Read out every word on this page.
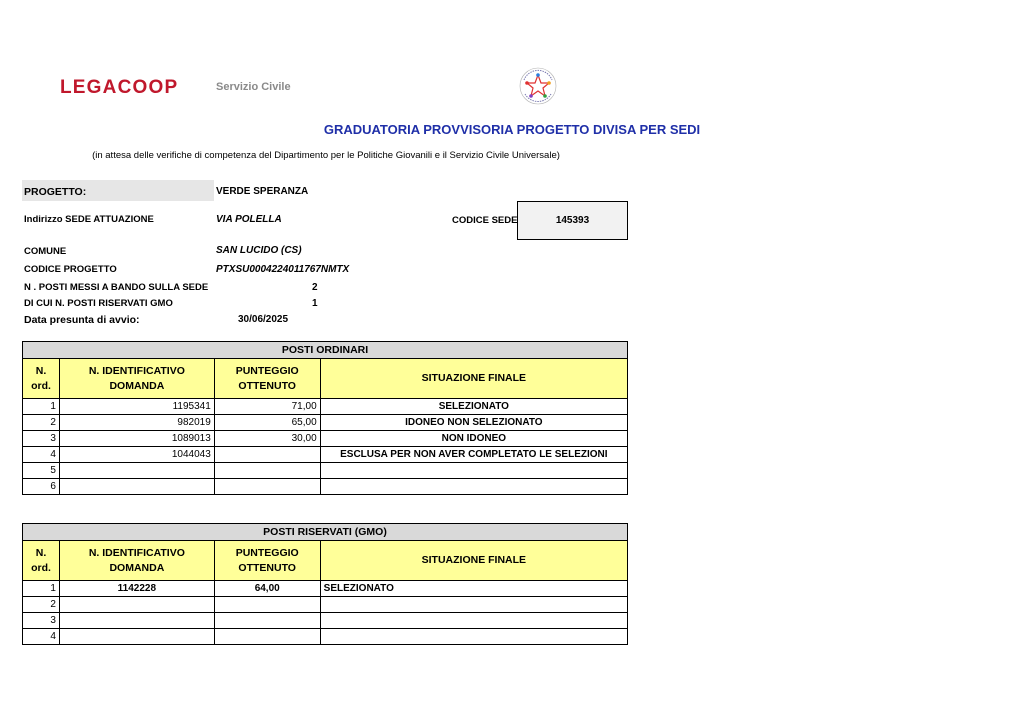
LEGACOOP	Servizio Civile
GRADUATORIA PROVVISORIA PROGETTO DIVISA PER SEDI
(in attesa delle verifiche di competenza del Dipartimento per le Politiche Giovanili e il Servizio Civile Universale)
PROGETTO:	VERDE SPERANZA
Indirizzo SEDE ATTUAZIONE	VIA POLELLA	CODICE SEDE	145393
COMUNE	SAN LUCIDO (CS)
CODICE PROGETTO	PTXSU0004224011767NMTX
N . POSTI MESSI A BANDO SULLA SEDE	2
DI CUI N. POSTI RISERVATI GMO	1
Data presunta di avvio:	30/06/2025
POSTI ORDINARI			
N. ord.	N. IDENTIFICATIVO DOMANDA	PUNTEGGIO OTTENUTO	SITUAZIONE FINALE
1	1195341	71,00	SELEZIONATO
2	982019	65,00	IDONEO NON SELEZIONATO
3	1089013	30,00	NON IDONEO
4	1044043		ESCLUSA PER NON AVER COMPLETATO LE SELEZIONI
5			
6			
POSTI RISERVATI (GMO)			
N. ord.	N. IDENTIFICATIVO DOMANDA	PUNTEGGIO OTTENUTO	SITUAZIONE FINALE
1	1142228	64,00	SELEZIONATO
2			
3			
4			
